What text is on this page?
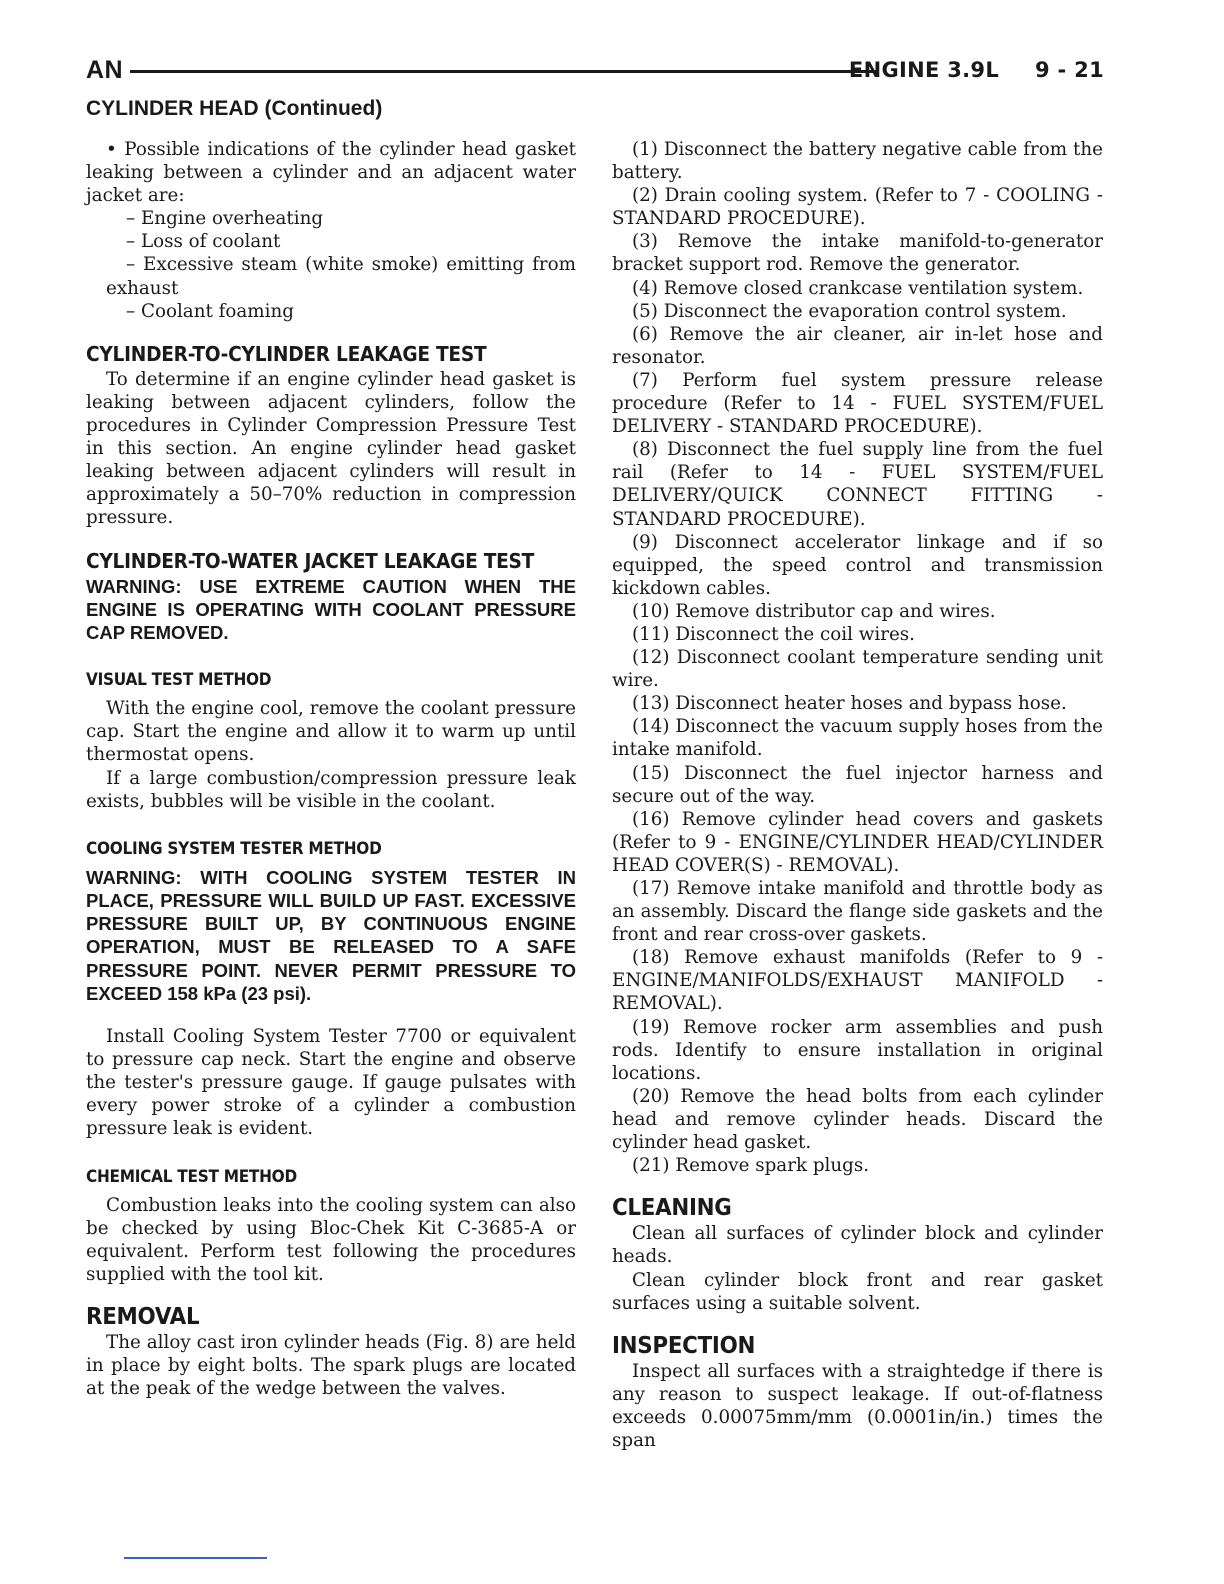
AN	ENGINE 3.9L 9 - 21
CYLINDER HEAD (Continued)

• Possible indications of the cylinder head gasket leaking between a cylinder and an adjacent water jacket are:

– Engine overheating
– Loss of coolant
– Excessive steam (white smoke) emitting from exhaust
– Coolant foaming
CYLINDER-TO-CYLINDER LEAKAGE TEST

To determine if an engine cylinder head gasket is leaking between adjacent cylinders, follow the procedures in Cylinder Compression Pressure Test in this section. An engine cylinder head gasket leaking between adjacent cylinders will result in approximately a 50–70% reduction in compression pressure.

CYLINDER-TO-WATER JACKET LEAKAGE TEST

WARNING: USE EXTREME CAUTION WHEN THE ENGINE IS OPERATING WITH COOLANT PRESSURE CAP REMOVED.

VISUAL TEST METHOD

With the engine cool, remove the coolant pressure cap. Start the engine and allow it to warm up until thermostat opens.

If a large combustion/compression pressure leak exists, bubbles will be visible in the coolant.

COOLING SYSTEM TESTER METHOD

WARNING: WITH COOLING SYSTEM TESTER IN PLACE, PRESSURE WILL BUILD UP FAST. EXCESSIVE PRESSURE BUILT UP, BY CONTINUOUS ENGINE OPERATION, MUST BE RELEASED TO A SAFE PRESSURE POINT. NEVER PERMIT PRESSURE TO EXCEED 158 kPa (23 psi).

Install Cooling System Tester 7700 or equivalent to pressure cap neck. Start the engine and observe the tester's pressure gauge. If gauge pulsates with every power stroke of a cylinder a combustion pressure leak is evident.

CHEMICAL TEST METHOD

Combustion leaks into the cooling system can also be checked by using Bloc-Chek Kit C-3685-A or equivalent. Perform test following the procedures supplied with the tool kit.

REMOVAL

The alloy cast iron cylinder heads (Fig. 8) are held in place by eight bolts. The spark plugs are located at the peak of the wedge between the valves.

(1) Disconnect the battery negative cable from the battery.

(2) Drain cooling system. (Refer to 7 - COOLING - STANDARD PROCEDURE).

(3) Remove the intake manifold-to-generator bracket support rod. Remove the generator.

(4) Remove closed crankcase ventilation system.

(5) Disconnect the evaporation control system.

(6) Remove the air cleaner, air in-let hose and resonator.

(7) Perform fuel system pressure release procedure (Refer to 14 - FUEL SYSTEM/FUEL DELIVERY - STANDARD PROCEDURE).

(8) Disconnect the fuel supply line from the fuel rail (Refer to 14 - FUEL SYSTEM/FUEL DELIVERY/QUICK CONNECT FITTING - STANDARD PROCEDURE).

(9) Disconnect accelerator linkage and if so equipped, the speed control and transmission kickdown cables.

(10) Remove distributor cap and wires.

(11) Disconnect the coil wires.

(12) Disconnect coolant temperature sending unit wire.

(13) Disconnect heater hoses and bypass hose.

(14) Disconnect the vacuum supply hoses from the intake manifold.

(15) Disconnect the fuel injector harness and secure out of the way.

(16) Remove cylinder head covers and gaskets (Refer to 9 - ENGINE/CYLINDER HEAD/CYLINDER HEAD COVER(S) - REMOVAL).

(17) Remove intake manifold and throttle body as an assembly. Discard the flange side gaskets and the front and rear cross-over gaskets.

(18) Remove exhaust manifolds (Refer to 9 - ENGINE/MANIFOLDS/EXHAUST MANIFOLD - REMOVAL).

(19) Remove rocker arm assemblies and push rods. Identify to ensure installation in original locations.

(20) Remove the head bolts from each cylinder head and remove cylinder heads. Discard the cylinder head gasket.

(21) Remove spark plugs.

CLEANING

Clean all surfaces of cylinder block and cylinder heads.

Clean cylinder block front and rear gasket surfaces using a suitable solvent.

INSPECTION

Inspect all surfaces with a straightedge if there is any reason to suspect leakage. If out-of-flatness exceeds 0.00075mm/mm (0.0001in/in.) times the span
